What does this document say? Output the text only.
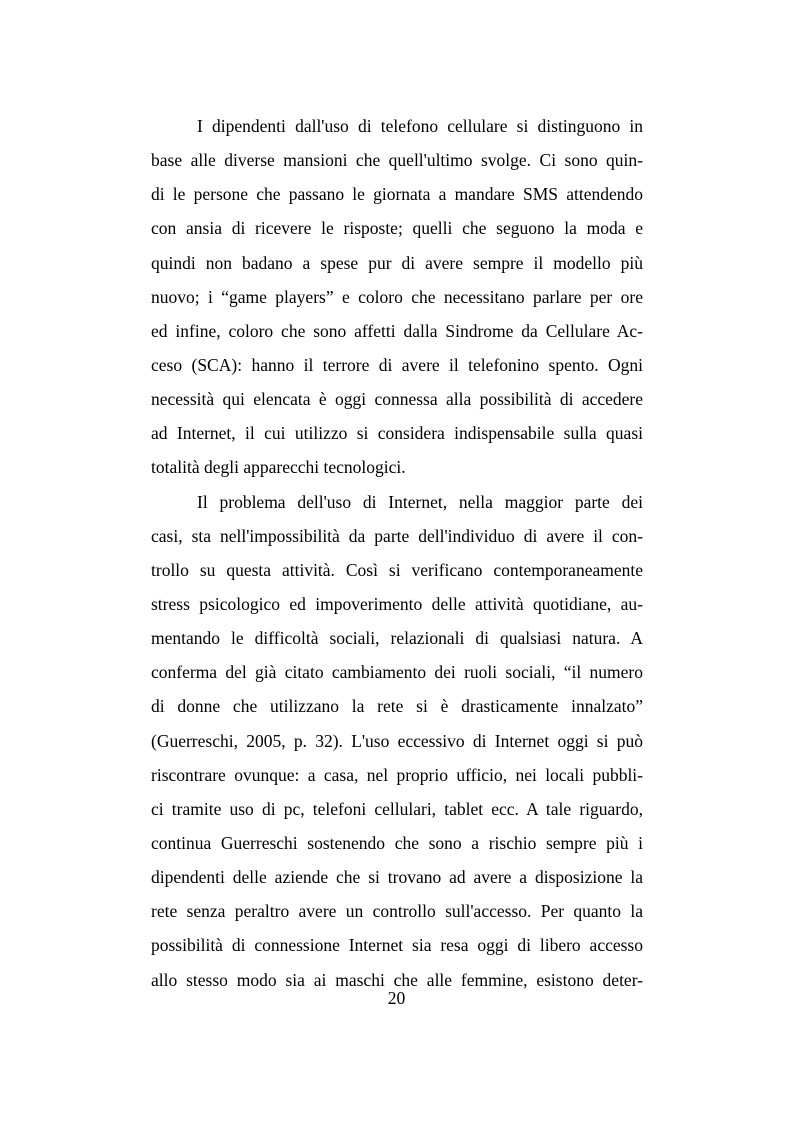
I dipendenti dall'uso di telefono cellulare si distinguono in
base alle diverse mansioni che quell'ultimo svolge. Ci sono quin-
di le persone che passano le giornata a mandare SMS attendendo
con ansia di ricevere le risposte; quelli che seguono la moda e
quindi non badano a spese pur di avere sempre il modello più
nuovo; i “game players” e coloro che necessitano parlare per ore
ed infine, coloro che sono affetti dalla Sindrome da Cellulare Ac-
ceso (SCA): hanno il terrore di avere il telefonino spento. Ogni
necessità qui elencata è oggi connessa alla possibilità di accedere
ad Internet, il cui utilizzo si considera indispensabile sulla quasi
totalità degli apparecchi tecnologici.
Il problema dell'uso di Internet, nella maggior parte dei
casi, sta nell'impossibilità da parte dell'individuo di avere il con-
trollo su questa attività. Così si verificano contemporaneamente
stress psicologico ed impoverimento delle attività quotidiane, au-
mentando le difficoltà sociali, relazionali di qualsiasi natura. A
conferma del già citato cambiamento dei ruoli sociali, “il numero
di donne che utilizzano la rete si è drasticamente innalzato”
(Guerreschi, 2005, p. 32). L'uso eccessivo di Internet oggi si può
riscontrare ovunque: a casa, nel proprio ufficio, nei locali pubbli-
ci tramite uso di pc, telefoni cellulari, tablet ecc. A tale riguardo,
continua Guerreschi sostenendo che sono a rischio sempre più i
dipendenti delle aziende che si trovano ad avere a disposizione la
rete senza peraltro avere un controllo sull'accesso. Per quanto la
possibilità di connessione Internet sia resa oggi di libero accesso
allo stesso modo sia ai maschi che alle femmine, esistono deter-
20
